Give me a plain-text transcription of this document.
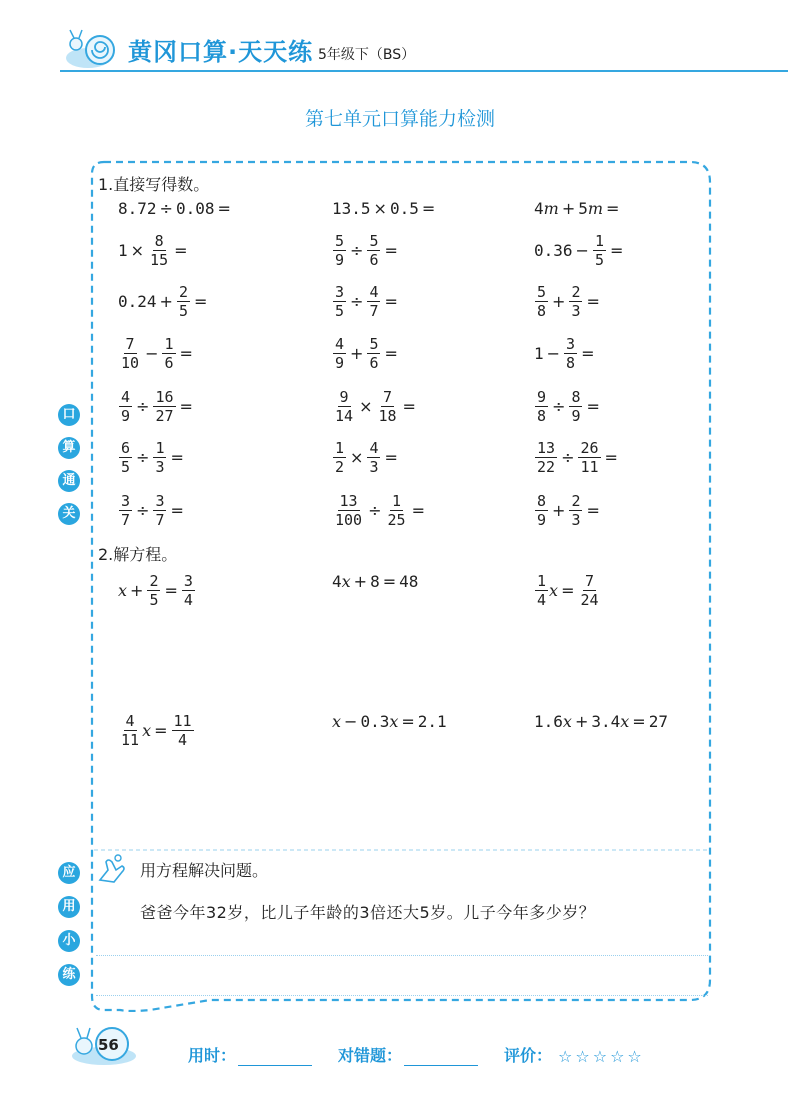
黄冈口算·天天练 5年级下（BS）
第七单元口算能力检测
口
算
通
关
应
用
小
练
1.直接写得数。
8.72 ÷ 0.08 =	13.5 × 0.5 =	4 m + 5 m =
$1 \times \frac{8}{15}$ =	$\frac{5}{9} \div \frac{5}{6}$ =	$0.36 - \frac{1}{5}$ =
$0.24 + \frac{2}{5}$ =	$\frac{3}{5} \div \frac{4}{7}$ =	$\frac{5}{8} + \frac{2}{3}$ =
$\frac{7}{10} - \frac{1}{6}$ =	$\frac{4}{9} + \frac{5}{6}$ =	$1 - \frac{3}{8}$ =
$\frac{4}{9} \div \frac{16}{27}$ =	$\frac{9}{14} \times \frac{7}{18}$ =	$\frac{9}{8} \div \frac{8}{9}$ =
$\frac{6}{5} \div \frac{1}{3}$ =	$\frac{1}{2} \times \frac{4}{3}$ =	$\frac{13}{22} \div \frac{26}{11}$ =
$\frac{3}{7} \div \frac{3}{7}$ =	$\frac{13}{100} \div \frac{1}{25}$ =	$\frac{8}{9} + \frac{2}{3}$ =
2.解方程。
$x + \frac{2}{5} = \frac{3}{4}$	4 x + 8 = 48	$\frac{1}{4}$ $x = \frac{7}{24}$
$\frac{4}{11}$ $x = \frac{11}{4}$	x − 0.3 x = 2.1	1.6 x + 3.4 x = 27
用方程解决问题。
爸爸今年32岁，比儿子年龄的3倍还大5岁。儿子今年多少岁？
56
用时：	对错题：	评价： ☆☆☆☆☆
